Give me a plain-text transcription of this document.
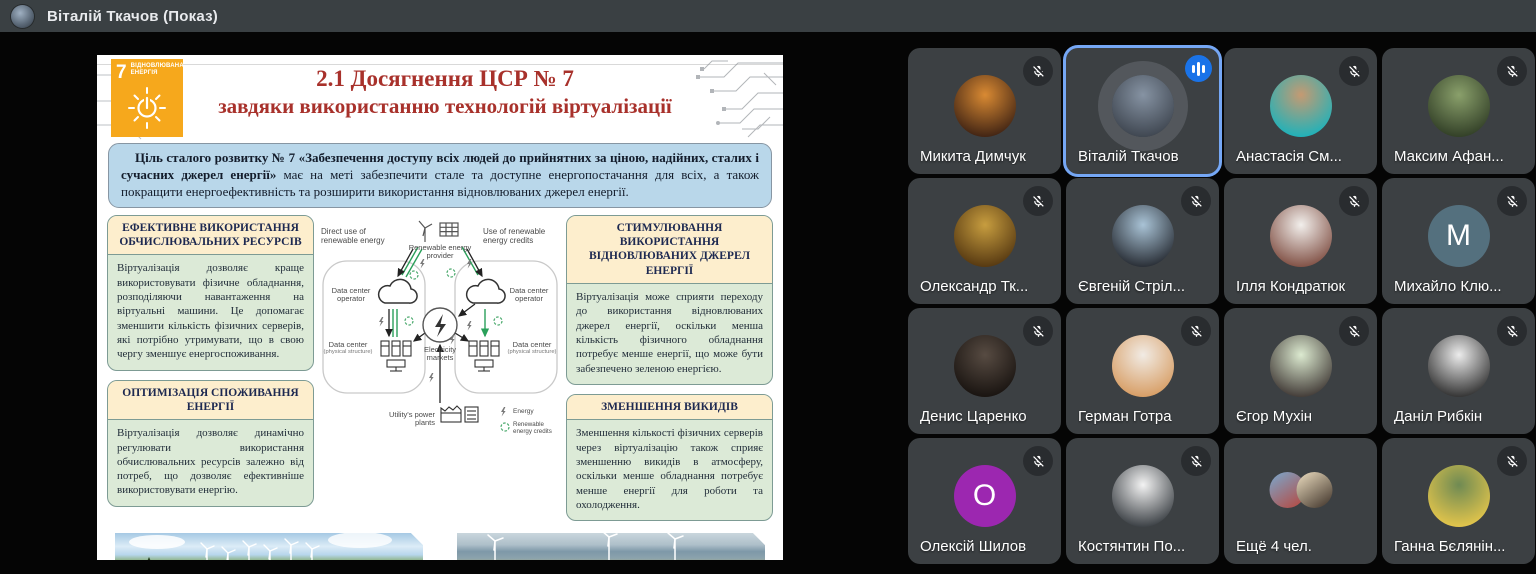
Віталій Ткачов (Показ)
7 ВІДНОВЛЮВАНА ЕНЕРГІЯ	2.1 Досягнення ЦСР № 7
завдяки використанню технологій віртуалізації
Ціль сталого розвитку № 7 «Забезпечення доступу всіх людей до прийнятних за ціною, надійних, сталих і сучасних джерел енергії» має на меті забезпечити стале та доступне енергопостачання для всіх, а також покращити енергоефективність та розширити використання відновлюваних джерел енергії.
ЕФЕКТИВНЕ ВИКОРИСТАННЯ ОБЧИСЛЮВАЛЬНИХ РЕСУРСІВ
Віртуалізація дозволяє краще використовувати фізичне обладнання, розподіляючи навантаження на віртуальні машини. Це допомагає зменшити кількість фізичних серверів, які потрібно утримувати, що в свою чергу зменшує енергоспоживання.
ОПТИМІЗАЦІЯ СПОЖИВАННЯ ЕНЕРГІЇ
Віртуалізація дозволяє динамічно регулювати використання обчислювальних ресурсів залежно від потреб, що дозволяє ефективніше використовувати енергію.
Direct use of renewable energy
Renewable energy provider
Use of renewable energy credits
Data center operator
Data center operator
Data center
(physical structure)
Data center
(physical structure)
Electricity markets
Utility's power plants
Energy
Renewable energy credits
СТИМУЛЮВАННЯ ВИКОРИСТАННЯ ВІДНОВЛЮВАНИХ ДЖЕРЕЛ ЕНЕРГІЇ
Віртуалізація може сприяти переходу до використання відновлюваних джерел енергії, оскільки менша кількість фізичного обладнання потребує менше енергії, що може бути забезпечено зеленою енергією.
ЗМЕНШЕННЯ ВИКИДІВ
Зменшення кількості фізичних серверів через віртуалізацію також сприяє зменшенню викидів в атмосферу, оскільки менше обладнання потребує менше енергії для роботи та охолодження.
Микита Димчук	Віталій Ткачов	Анастасія См...	Максим Афан...
Олександр Тк...	Євгеній Стріл...	Ілля Кондратюк
М
Михайло Клю...
Денис Царенко	Герман Готра	Єгор Мухін	Даніл Рибкін
О
Олексій Шилов	Костянтин По...	Ещё 4 чел.	Ганна Бєлянін...
